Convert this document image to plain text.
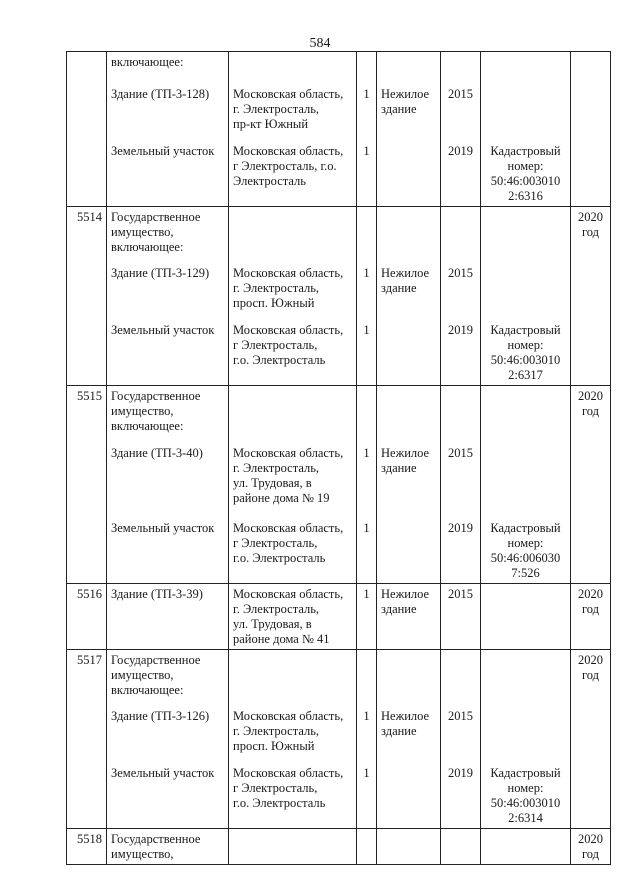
584
	включающее:						
	Здание (ТП-3-128)	Московская область,
г. Электросталь,
пр-кт Южный	1	Нежилое
здание	2015		
	Земельный участок	Московская область,
г Электросталь, г.о.
Электросталь	1		2019	Кадастровый
номер:
50:46:003010
2:6316	
5514	Государственное
имущество,
включающее:						2020
год
	Здание (ТП-3-129)	Московская область,
г. Электросталь,
просп. Южный	1	Нежилое
здание	2015		
	Земельный участок	Московская область,
г Электросталь,
г.о. Электросталь	1		2019	Кадастровый
номер:
50:46:003010
2:6317	
5515	Государственное
имущество,
включающее:						2020
год
	Здание (ТП-3-40)	Московская область,
г. Электросталь,
ул. Трудовая, в
районе дома № 19	1	Нежилое
здание	2015		
	Земельный участок	Московская область,
г Электросталь,
г.о. Электросталь	1		2019	Кадастровый
номер:
50:46:006030
7:526	
5516	Здание (ТП-3-39)	Московская область,
г. Электросталь,
ул. Трудовая, в
районе дома № 41	1	Нежилое
здание	2015		2020
год
5517	Государственное
имущество,
включающее:						2020
год
	Здание (ТП-3-126)	Московская область,
г. Электросталь,
просп. Южный	1	Нежилое
здание	2015		
	Земельный участок	Московская область,
г Электросталь,
г.о. Электросталь	1		2019	Кадастровый
номер:
50:46:003010
2:6314	
5518	Государственное
имущество,						2020
год
